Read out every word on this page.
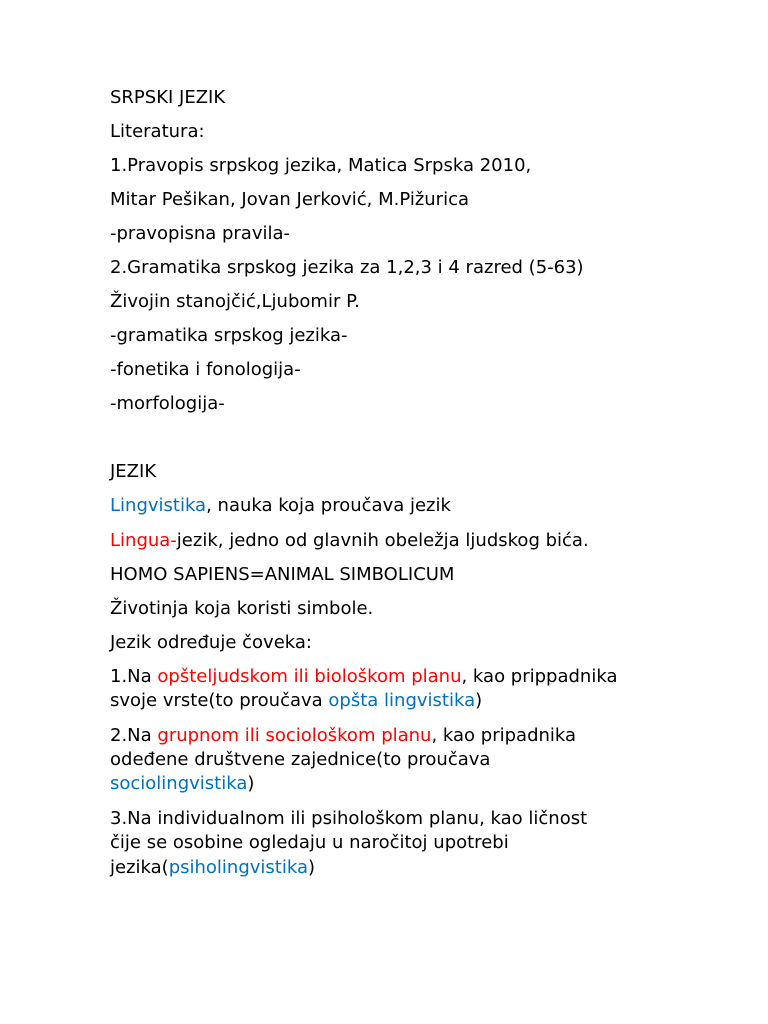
SRPSKI JEZIK
Literatura:
1.Pravopis srpskog jezika, Matica Srpska 2010,
Mitar Pešikan, Jovan Jerković, M.Pižurica
-pravopisna pravila-
2.Gramatika srpskog jezika za 1,2,3 i 4 razred (5-63)
Živojin stanojčić,Ljubomir P.
-gramatika srpskog jezika-
-fonetika i fonologija-
-morfologija-
JEZIK
Lingvistika, nauka koja proučava jezik
Lingua-jezik, jedno od glavnih obeležja ljudskog bića.
HOMO SAPIENS=ANIMAL SIMBOLICUM
Životinja koja koristi simbole.
Jezik određuje čoveka:
1.Na opšteljudskom ili biološkom planu, kao prippadnika
svoje vrste(to proučava opšta lingvistika)
2.Na grupnom ili sociološkom planu, kao pripadnika
odeđene društvene zajednice(to proučava
sociolingvistika)
3.Na individualnom ili psihološkom planu, kao ličnost
čije se osobine ogledaju u naročitoj upotrebi
jezika(psiholingvistika)
